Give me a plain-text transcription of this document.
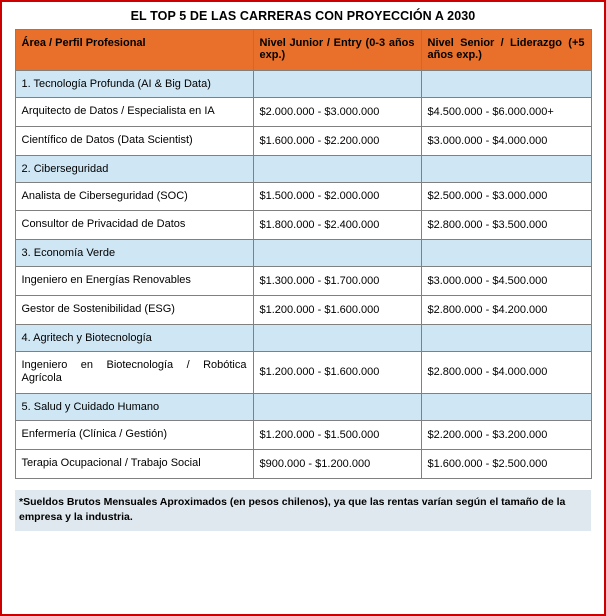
EL TOP 5 DE LAS CARRERAS CON PROYECCIÓN A 2030
Área / Perfil Profesional	Nivel Junior / Entry (0-3 años exp.)	Nivel Senior / Liderazgo (+5 años exp.)
1. Tecnología Profunda (AI & Big Data)		
Arquitecto de Datos / Especialista en IA	$2.000.000 - $3.000.000	$4.500.000 - $6.000.000+
Científico de Datos (Data Scientist)	$1.600.000 - $2.200.000	$3.000.000 - $4.000.000
2. Ciberseguridad		
Analista de Ciberseguridad (SOC)	$1.500.000 - $2.000.000	$2.500.000 - $3.000.000
Consultor de Privacidad de Datos	$1.800.000 - $2.400.000	$2.800.000 - $3.500.000
3. Economía Verde		
Ingeniero en Energías Renovables	$1.300.000 - $1.700.000	$3.000.000 - $4.500.000
Gestor de Sostenibilidad (ESG)	$1.200.000 - $1.600.000	$2.800.000 - $4.200.000
4. Agritech y Biotecnología		
Ingeniero en Biotecnología / Robótica Agrícola	$1.200.000 - $1.600.000	$2.800.000 - $4.000.000
5. Salud y Cuidado Humano		
Enfermería (Clínica / Gestión)	$1.200.000 - $1.500.000	$2.200.000 - $3.200.000
Terapia Ocupacional / Trabajo Social	$900.000 - $1.200.000	$1.600.000 - $2.500.000
*Sueldos Brutos Mensuales Aproximados (en pesos chilenos), ya que las rentas varían según el tamaño de la empresa y la industria.
